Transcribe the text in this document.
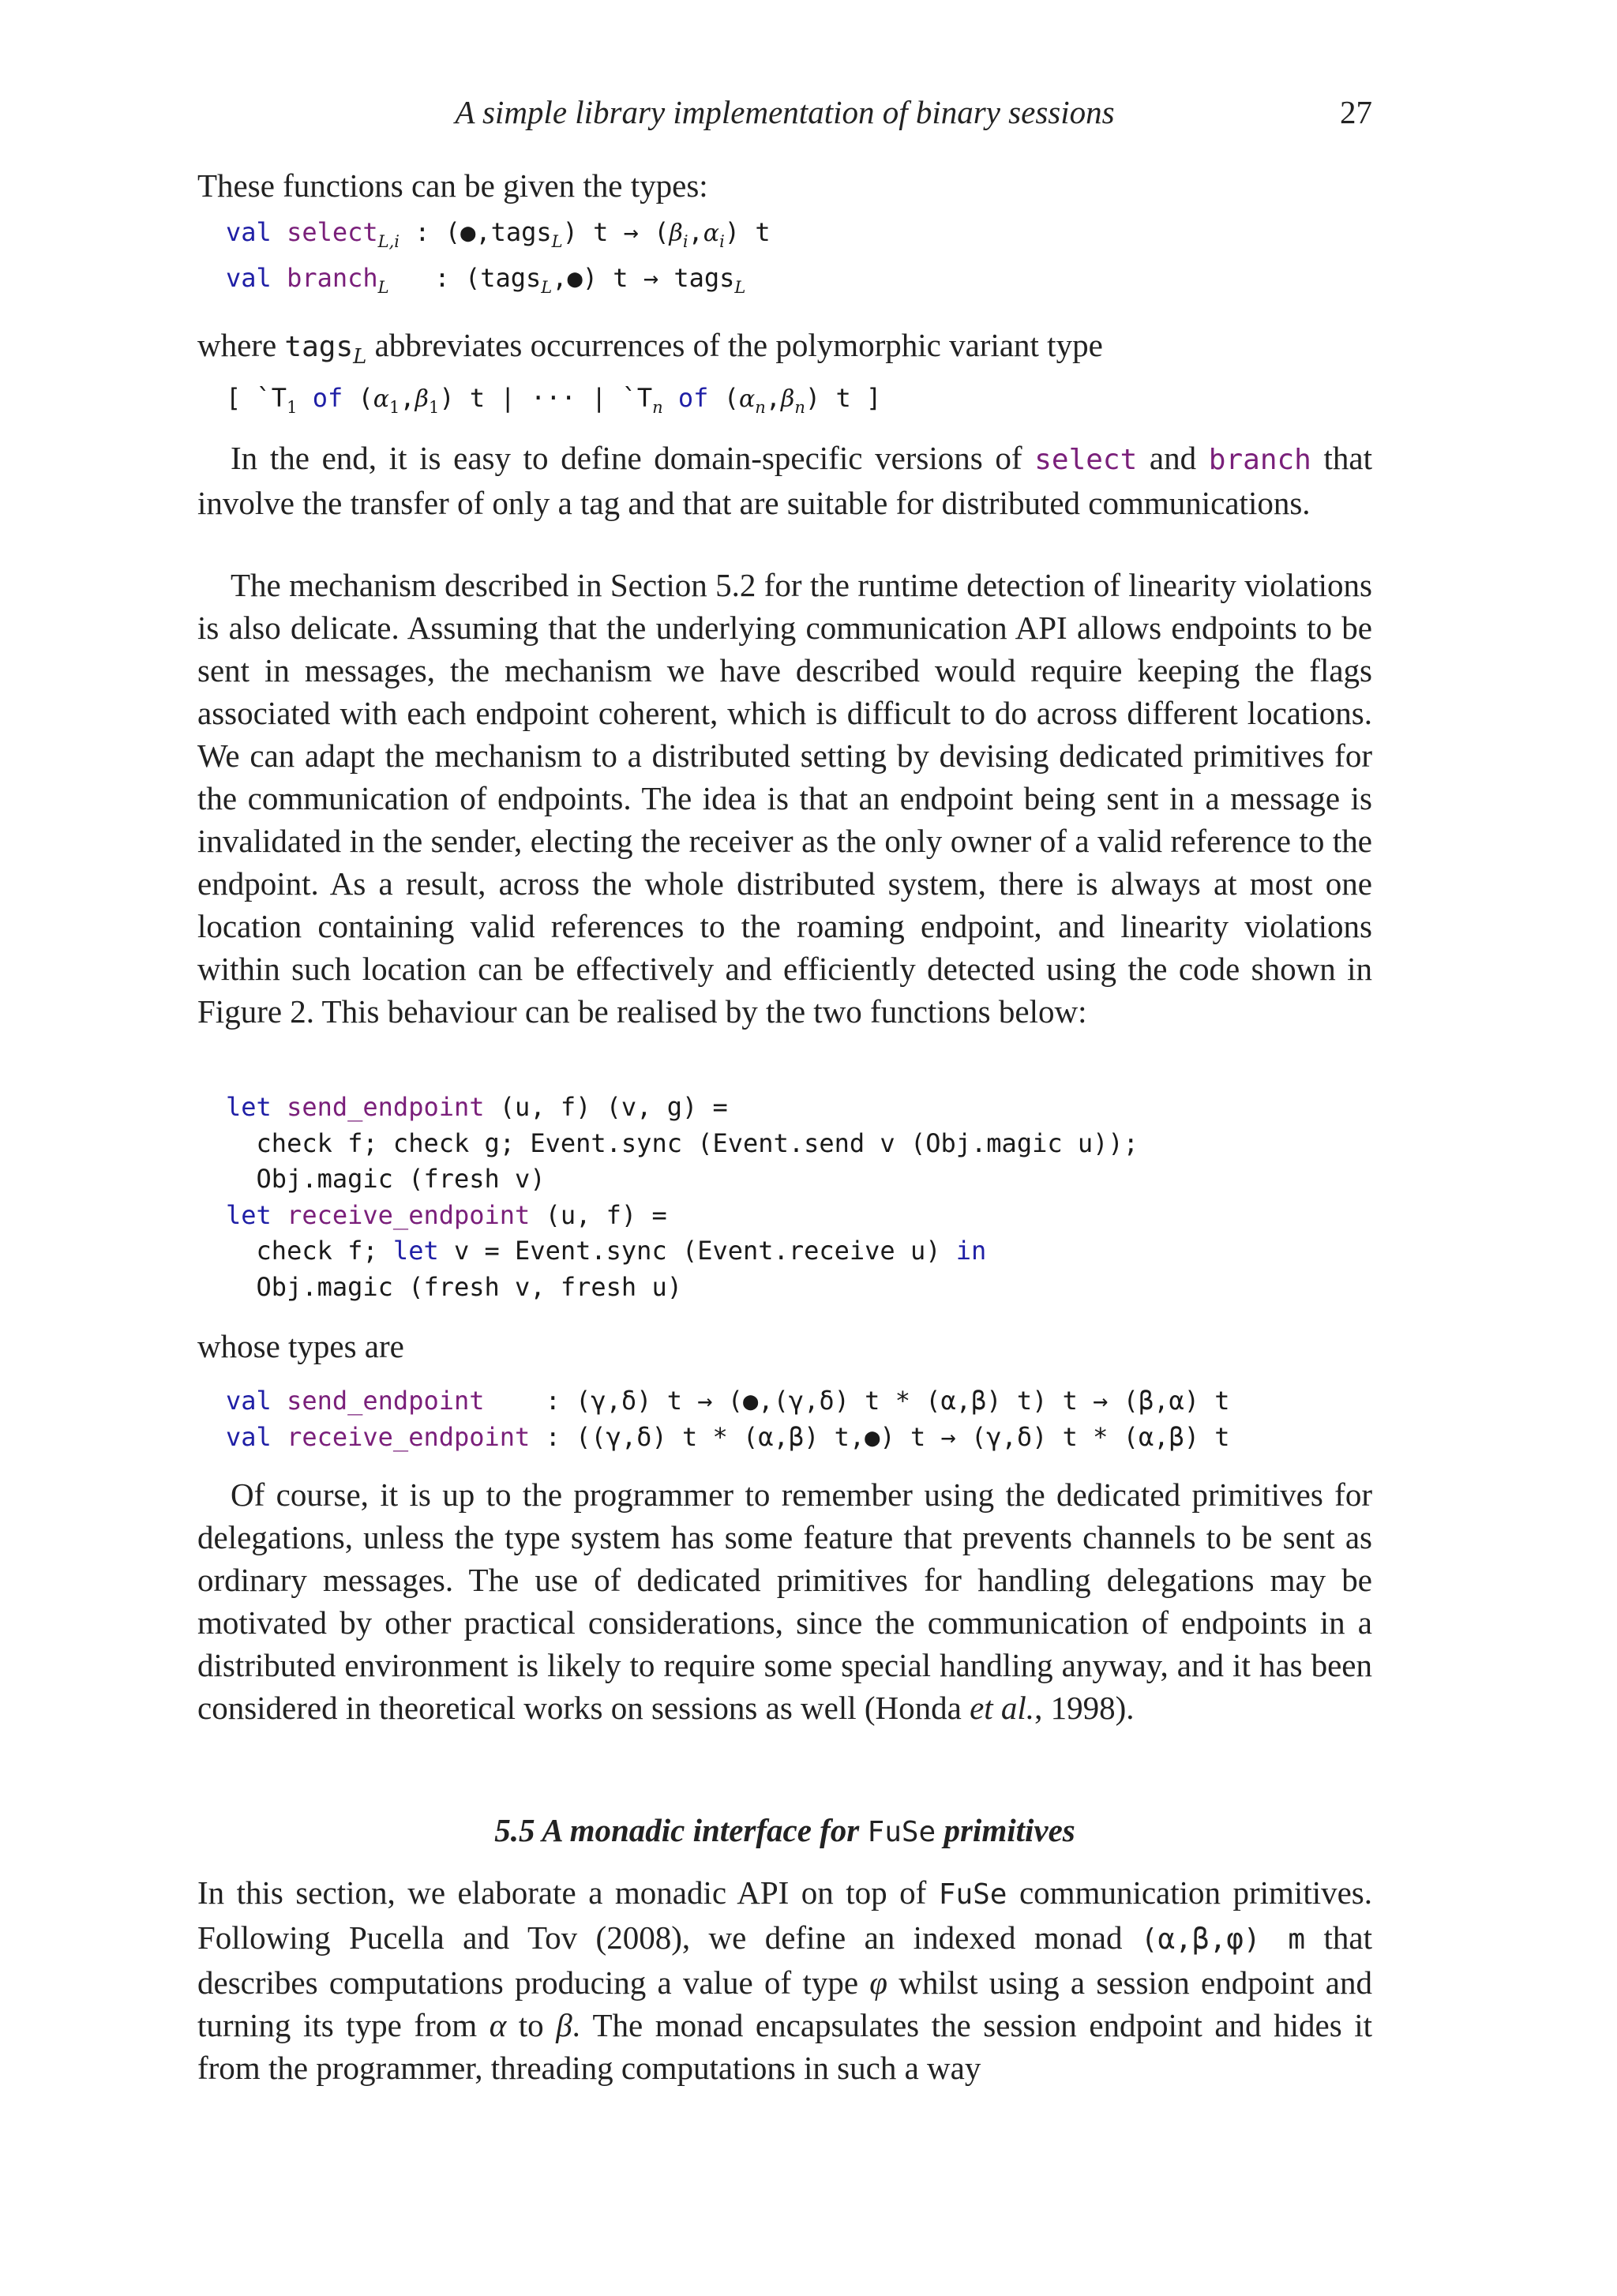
A simple library implementation of binary sessions	27

These functions can be given the types:

val select$_{L,i}$ : (●,tags$_L$) $t \to (\beta_i,\alpha_i)$ t
val branch$_L$   : (tags$_L$,●) t → tags$_L$

where tags$_L$ abbreviates occurrences of the polymorphic variant type

[ $`T_1$ of $(\alpha_1,\beta_1)$ t | ··· | $`T_n$ of $(\alpha_n,\beta_n)$ t ]

In the end, it is easy to define domain-specific versions of select and branch that involve the transfer of only a tag and that are suitable for distributed communications.

The mechanism described in Section 5.2 for the runtime detection of linearity violations is also delicate. Assuming that the underlying communication API allows endpoints to be sent in messages, the mechanism we have described would require keeping the flags associated with each endpoint coherent, which is difficult to do across different locations. We can adapt the mechanism to a distributed setting by devising dedicated primitives for the communication of endpoints. The idea is that an endpoint being sent in a message is invalidated in the sender, electing the receiver as the only owner of a valid reference to the endpoint. As a result, across the whole distributed system, there is always at most one location containing valid references to the roaming endpoint, and linearity violations within such location can be effectively and efficiently detected using the code shown in Figure 2. This behaviour can be realised by the two functions below:

let send_endpoint (u, f) (v, g) =
check f; check g; Event.sync (Event.send v (Obj.magic u));
Obj.magic (fresh v)
let receive_endpoint (u, f) =
check f; let v = Event.sync (Event.receive u) in
Obj.magic (fresh v, fresh u)

whose types are

val send_endpoint    : (γ,δ) t → (●,(γ,δ) t * (α,β) t) t → (β,α) t
val receive_endpoint : ((γ,δ) t * (α,β) t,●) t → (γ,δ) t * (α,β) t

Of course, it is up to the programmer to remember using the dedicated primitives for delegations, unless the type system has some feature that prevents channels to be sent as ordinary messages. The use of dedicated primitives for handling delegations may be motivated by other practical considerations, since the communication of endpoints in a distributed environment is likely to require some special handling anyway, and it has been considered in theoretical works on sessions as well (Honda et al., 1998).

5.5 A monadic interface for FuSe primitives

In this section, we elaborate a monadic API on top of FuSe communication primitives. Following Pucella and Tov (2008), we define an indexed monad (α,β,φ) m that describes computations producing a value of type φ whilst using a session endpoint and turning its type from α to β. The monad encapsulates the session endpoint and hides it from the programmer, threading computations in such a way
